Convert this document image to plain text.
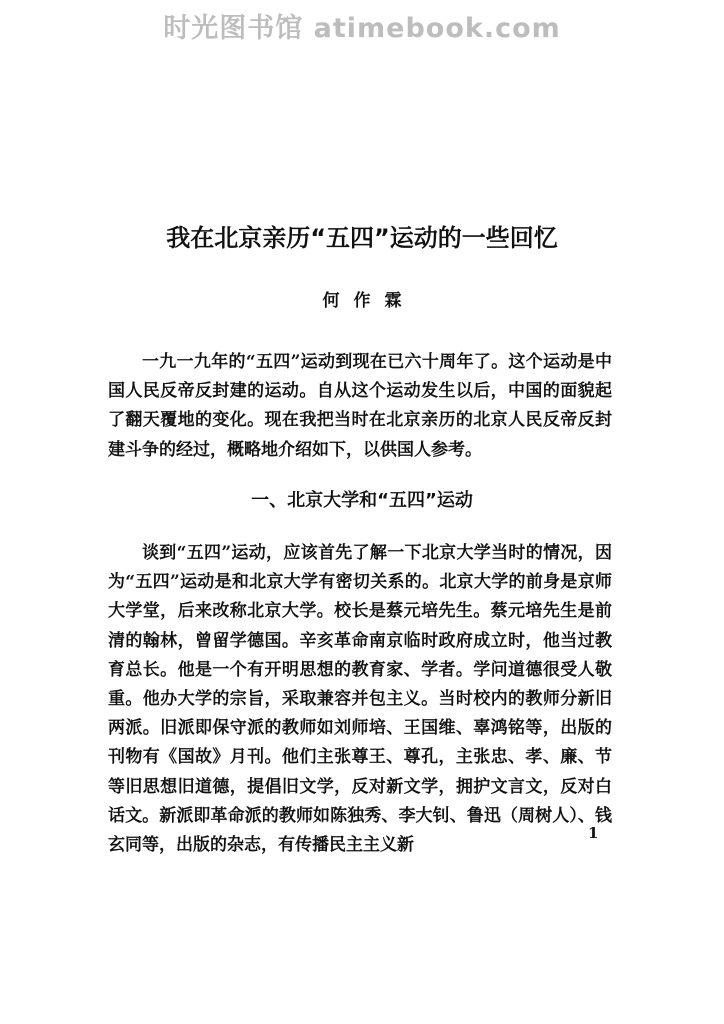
时光图书馆 atimebook.com
我在北京亲历“五四”运动的一些回忆
何作霖

一九一九年的“五四”运动到现在已六十周年了。这个运动是中国人民反帝反封建的运动。自从这个运动发生以后，中国的面貌起了翻天覆地的变化。现在我把当时在北京亲历的北京人民反帝反封建斗争的经过，概略地介绍如下，以供国人参考。

一、北京大学和“五四”运动

谈到“五四”运动，应该首先了解一下北京大学当时的情况，因为“五四”运动是和北京大学有密切关系的。北京大学的前身是京师大学堂，后来改称北京大学。校长是蔡元培先生。蔡元培先生是前清的翰林，曾留学德国。辛亥革命南京临时政府成立时，他当过教育总长。他是一个有开明思想的教育家、学者。学问道德很受人敬重。他办大学的宗旨，采取兼容并包主义。当时校内的教师分新旧两派。旧派即保守派的教师如刘师培、王国维、辜鸿铭等，出版的刊物有《国故》月刊。他们主张尊王、尊孔，主张忠、孝、廉、节等旧思想旧道德，提倡旧文学，反对新文学，拥护文言文，反对白话文。新派即革命派的教师如陈独秀、李大钊、鲁迅（周树人）、钱玄同等，出版的杂志，有传播民主主义新

1
